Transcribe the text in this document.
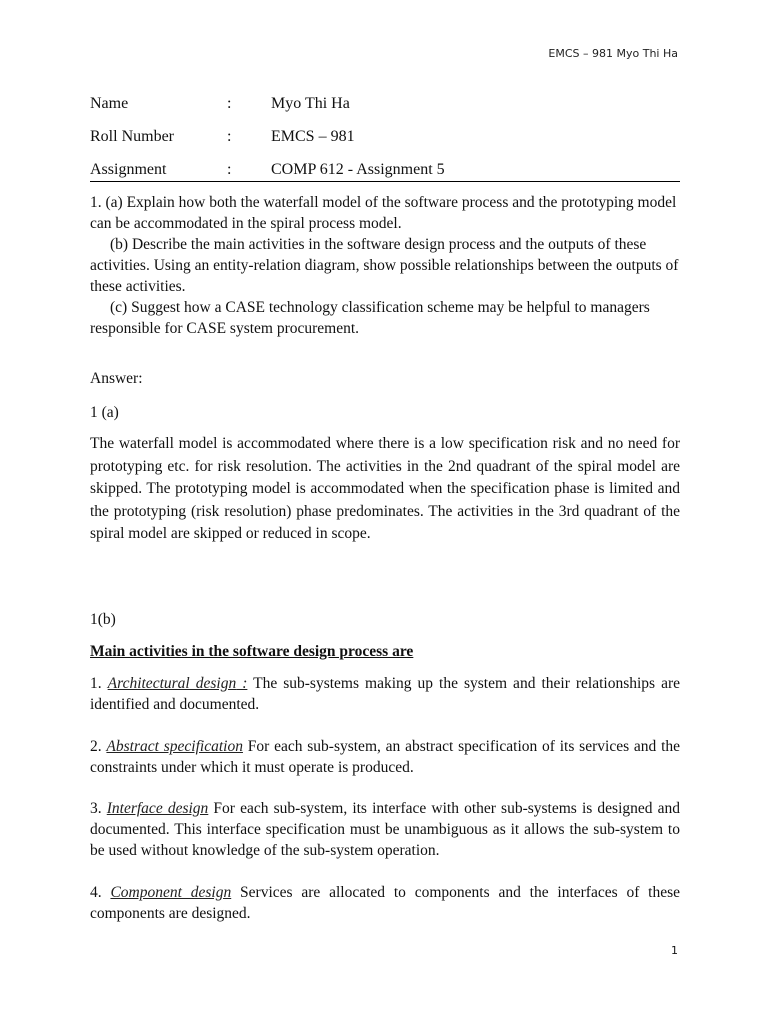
EMCS – 981 Myo Thi Ha
Name	: Myo Thi Ha
Roll Number	: EMCS – 981
Assignment	: COMP 612 - Assignment 5

1. (a) Explain how both the waterfall model of the software process and the prototyping model can be accommodated in the spiral process model.

(b) Describe the main activities in the software design process and the outputs of these activities. Using an entity-relation diagram, show possible relationships between the outputs of these activities.

(c) Suggest how a CASE technology classification scheme may be helpful to managers responsible for CASE system procurement.

Answer:
1 (a)
The waterfall model is accommodated where there is a low specification risk and no need for prototyping etc. for risk resolution. The activities in the 2nd quadrant of the spiral model are skipped. The prototyping model is accommodated when the specification phase is limited and the prototyping (risk resolution) phase predominates. The activities in the 3rd quadrant of the spiral model are skipped or reduced in scope.
1(b)
Main activities in the software design process are
1. Architectural design : The sub-systems making up the system and their relationships are identified and documented.
2. Abstract specification For each sub-system, an abstract specification of its services and the constraints under which it must operate is produced.
3. Interface design For each sub-system, its interface with other sub-systems is designed and documented. This interface specification must be unambiguous as it allows the sub-system to be used without knowledge of the sub-system operation.
4. Component design Services are allocated to components and the interfaces of these components are designed.
1
